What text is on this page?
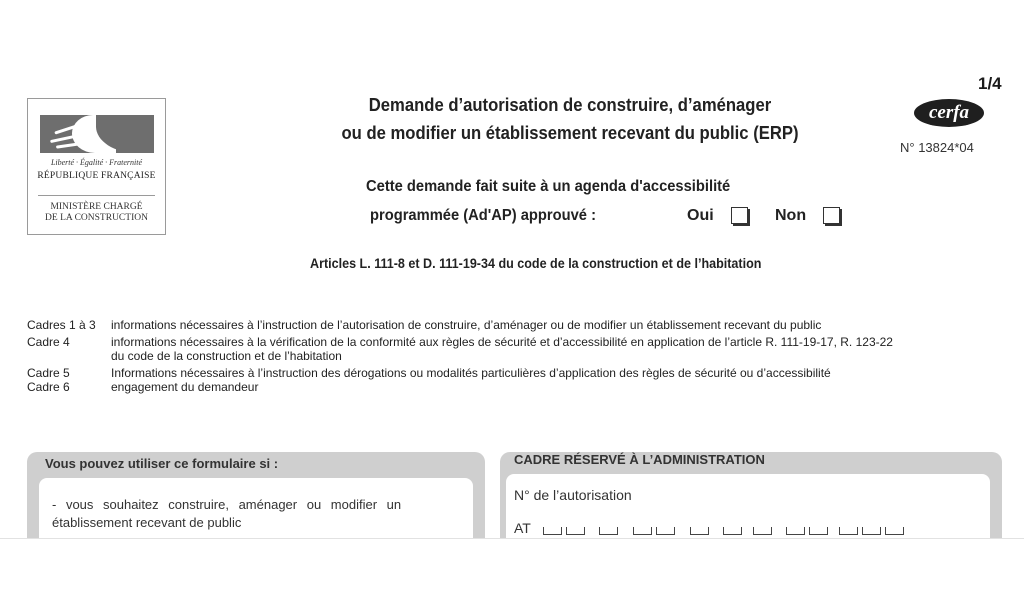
1/4
Liberté · Égalité · Fraternité
RÉPUBLIQUE FRANÇAISE
MINISTÈRE CHARGÉ
DE LA CONSTRUCTION
Demande d’autorisation de construire, d’aménager
ou de modifier un établissement recevant du public (ERP)
cerfa
N° 13824*04
Cette demande fait suite à un agenda d'accessibilité
programmée (Ad'AP) approuvé :	Oui	Non
Articles L. 111-8 et D. 111-19-34 du code de la construction et de l’habitation
Cadres 1 à 3	informations nécessaires à l’instruction de l’autorisation de construire, d’aménager ou de modifier un établissement recevant du public
Cadre 4	informations nécessaires à la vérification de la conformité aux règles de sécurité et d’accessibilité en application de l’article R. 111-19-17, R. 123-22
du code de la construction et de l’habitation
Cadre 5	Informations nécessaires à l’instruction des dérogations ou modalités particulières d’application des règles de sécurité ou d’accessibilité
Cadre 6	engagement du demandeur
Vous pouvez utiliser ce formulaire si :
- vous souhaitez construire, aménager ou modifier un
établissement recevant de public
CADRE RÉSERVÉ À L’ADMINISTRATION
N° de l’autorisation
AT
